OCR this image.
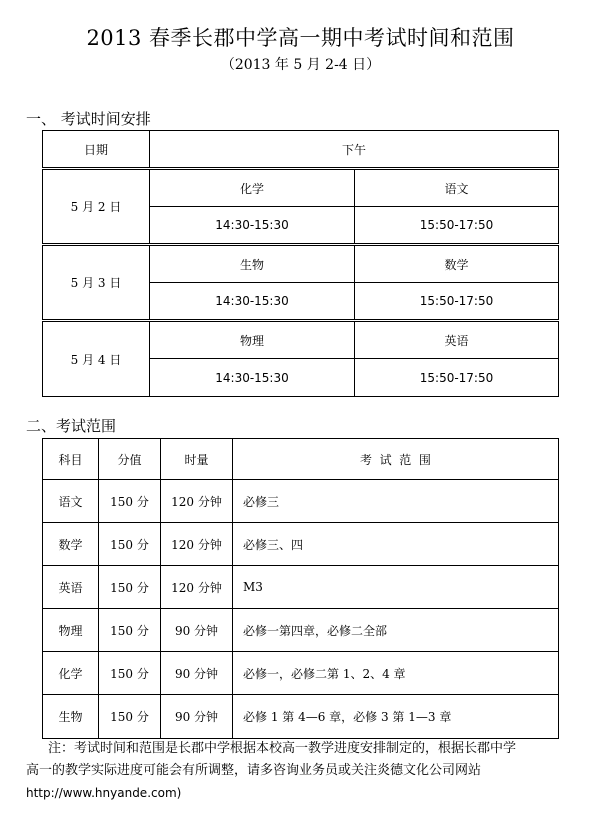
2013 春季长郡中学高一期中考试时间和范围
（2013 年 5 月 2-4 日）
一、 考试时间安排
日期	下午	
5 月 2 日	化学	语文
	14:30-15:30	15:50-17:50
5 月 3 日	生物	数学
	14:30-15:30	15:50-17:50
5 月 4 日	物理	英语
	14:30-15:30	15:50-17:50
二、考试范围
科目	分值	时量	考  试  范  围
语文	150 分	120 分钟	必修三
数学	150 分	120 分钟	必修三、四
英语	150 分	120 分钟	M3
物理	150 分	90 分钟	必修一第四章，必修二全部
化学	150 分	90 分钟	必修一，必修二第 1、2、4 章
生物	150 分	90 分钟	必修 1 第 4—6 章，必修 3 第 1—3 章
注：考试时间和范围是长郡中学根据本校高一教学进度安排制定的，根据长郡中学
高一的教学实际进度可能会有所调整，请多咨询业务员或关注炎德文化公司网站
http://www.hnyande.com)
